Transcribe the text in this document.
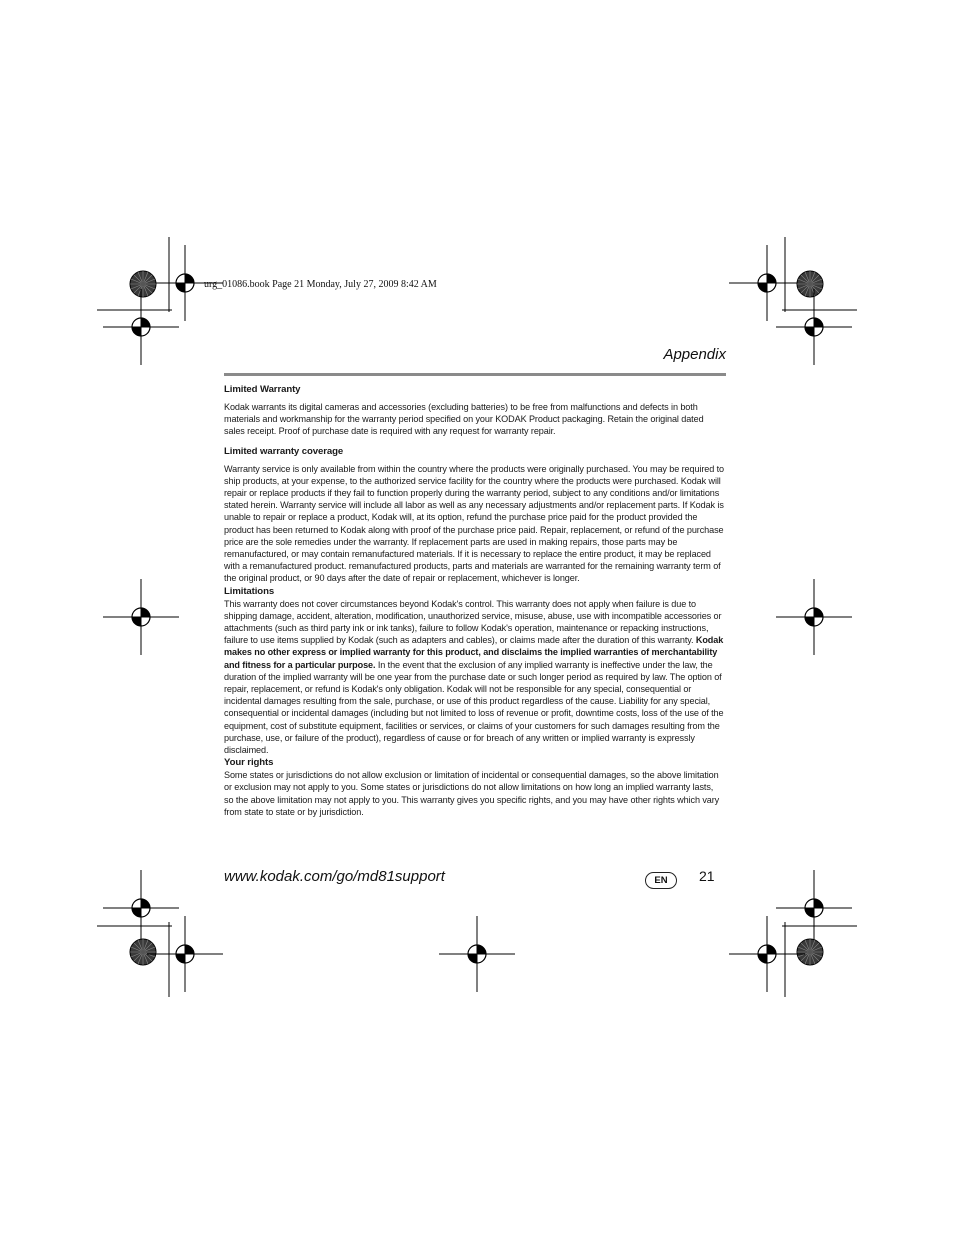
urg_01086.book Page 21 Monday, July 27, 2009 8:42 AM
Appendix
Limited Warranty

Kodak warrants its digital cameras and accessories (excluding batteries) to be free from malfunctions and defects in both materials and workmanship for the warranty period specified on your KODAK Product packaging. Retain the original dated sales receipt. Proof of purchase date is required with any request for warranty repair.

Limited warranty coverage

Warranty service is only available from within the country where the products were originally purchased. You may be required to ship products, at your expense, to the authorized service facility for the country where the products were purchased. Kodak will repair or replace products if they fail to function properly during the warranty period, subject to any conditions and/or limitations stated herein. Warranty service will include all labor as well as any necessary adjustments and/or replacement parts. If Kodak is unable to repair or replace a product, Kodak will, at its option, refund the purchase price paid for the product provided the product has been returned to Kodak along with proof of the purchase price paid. Repair, replacement, or refund of the purchase price are the sole remedies under the warranty. If replacement parts are used in making repairs, those parts may be remanufactured, or may contain remanufactured materials. If it is necessary to replace the entire product, it may be replaced with a remanufactured product. remanufactured products, parts and materials are warranted for the remaining warranty term of the original product, or 90 days after the date of repair or replacement, whichever is longer.

Limitations

This warranty does not cover circumstances beyond Kodak's control. This warranty does not apply when failure is due to shipping damage, accident, alteration, modification, unauthorized service, misuse, abuse, use with incompatible accessories or attachments (such as third party ink or ink tanks), failure to follow Kodak's operation, maintenance or repacking instructions, failure to use items supplied by Kodak (such as adapters and cables), or claims made after the duration of this warranty. Kodak makes no other express or implied warranty for this product, and disclaims the implied warranties of merchantability and fitness for a particular purpose. In the event that the exclusion of any implied warranty is ineffective under the law, the duration of the implied warranty will be one year from the purchase date or such longer period as required by law. The option of repair, replacement, or refund is Kodak's only obligation. Kodak will not be responsible for any special, consequential or incidental damages resulting from the sale, purchase, or use of this product regardless of the cause. Liability for any special, consequential or incidental damages (including but not limited to loss of revenue or profit, downtime costs, loss of the use of the equipment, cost of substitute equipment, facilities or services, or claims of your customers for such damages resulting from the purchase, use, or failure of the product), regardless of cause or for breach of any written or implied warranty is expressly disclaimed.

Your rights

Some states or jurisdictions do not allow exclusion or limitation of incidental or consequential damages, so the above limitation or exclusion may not apply to you. Some states or jurisdictions do not allow limitations on how long an implied warranty lasts, so the above limitation may not apply to you. This warranty gives you specific rights, and you may have other rights which vary from state to state or by jurisdiction.

www.kodak.com/go/md81support	EN	21
